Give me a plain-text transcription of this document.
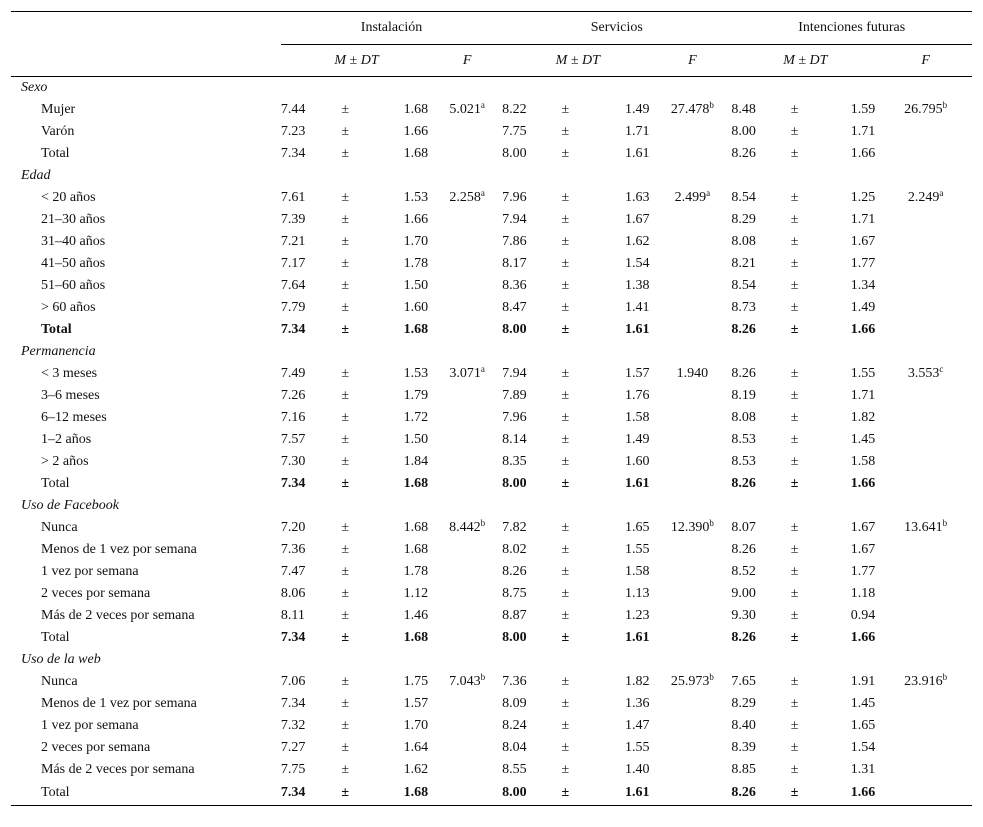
	Instalación				Servicios				Intenciones futuras			
	M ± DT			F	M ± DT			F	M ± DT			F
Sexo												
Mujer	7.44	±	1.68	5.021$^a$	8.22	±	1.49	27.478$^b$	8.48	±	1.59	26.795$^b$
Varón	7.23	±	1.66		7.75	±	1.71		8.00	±	1.71	
Total	7.34	±	1.68		8.00	±	1.61		8.26	±	1.66	
Edad												
< 20 años	7.61	±	1.53	2.258$^a$	7.96	±	1.63	2.499$^a$	8.54	±	1.25	2.249$^a$
21–30 años	7.39	±	1.66		7.94	±	1.67		8.29	±	1.71	
31–40 años	7.21	±	1.70		7.86	±	1.62		8.08	±	1.67	
41–50 años	7.17	±	1.78		8.17	±	1.54		8.21	±	1.77	
51–60 años	7.64	±	1.50		8.36	±	1.38		8.54	±	1.34	
> 60 años	7.79	±	1.60		8.47	±	1.41		8.73	±	1.49	
Total	7.34	±	1.68		8.00	±	1.61		8.26	±	1.66	
Permanencia												
< 3 meses	7.49	±	1.53	3.071$^a$	7.94	±	1.57	1.940	8.26	±	1.55	3.553$^c$
3–6 meses	7.26	±	1.79		7.89	±	1.76		8.19	±	1.71	
6–12 meses	7.16	±	1.72		7.96	±	1.58		8.08	±	1.82	
1–2 años	7.57	±	1.50		8.14	±	1.49		8.53	±	1.45	
> 2 años	7.30	±	1.84		8.35	±	1.60		8.53	±	1.58	
Total	7.34	±	1.68		8.00	±	1.61		8.26	±	1.66	
Uso de Facebook												
Nunca	7.20	±	1.68	8.442$^b$	7.82	±	1.65	12.390$^b$	8.07	±	1.67	13.641$^b$
Menos de 1 vez por semana	7.36	±	1.68		8.02	±	1.55		8.26	±	1.67	
1 vez por semana	7.47	±	1.78		8.26	±	1.58		8.52	±	1.77	
2 veces por semana	8.06	±	1.12		8.75	±	1.13		9.00	±	1.18	
Más de 2 veces por semana	8.11	±	1.46		8.87	±	1.23		9.30	±	0.94	
Total	7.34	±	1.68		8.00	±	1.61		8.26	±	1.66	
Uso de la web												
Nunca	7.06	±	1.75	7.043$^b$	7.36	±	1.82	25.973$^b$	7.65	±	1.91	23.916$^b$
Menos de 1 vez por semana	7.34	±	1.57		8.09	±	1.36		8.29	±	1.45	
1 vez por semana	7.32	±	1.70		8.24	±	1.47		8.40	±	1.65	
2 veces por semana	7.27	±	1.64		8.04	±	1.55		8.39	±	1.54	
Más de 2 veces por semana	7.75	±	1.62		8.55	±	1.40		8.85	±	1.31	
Total	7.34	±	1.68		8.00	±	1.61		8.26	±	1.66	
